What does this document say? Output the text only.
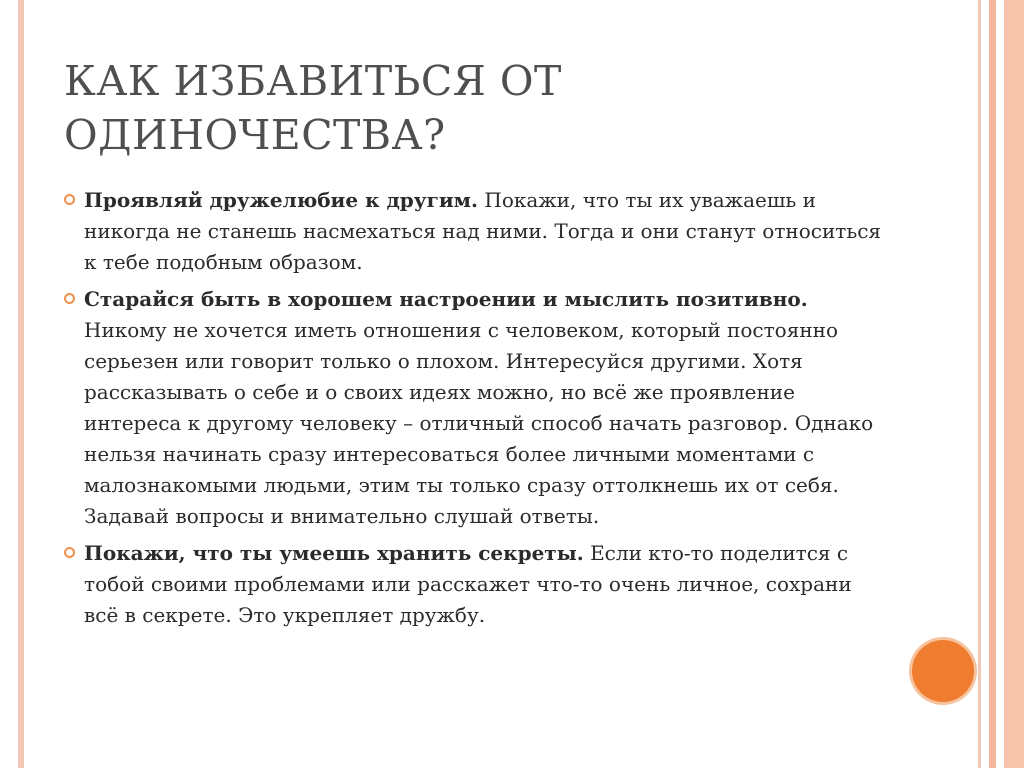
КАК ИЗБАВИТЬСЯ ОТ ОДИНОЧЕСТВА?
Проявляй дружелюбие к другим. Покажи, что ты их уважаешь и никогда не станешь насмехаться над ними. Тогда и они станут относиться к тебе подобным образом.
Старайся быть в хорошем настроении и мыслить позитивно. Никому не хочется иметь отношения с человеком, который постоянно серьезен или говорит только о плохом. Интересуйся другими. Хотя рассказывать о себе и о своих идеях можно, но всё же проявление интереса к другому человеку – отличный способ начать разговор. Однако нельзя начинать сразу интересоваться более личными моментами с малознакомыми людьми, этим ты только сразу оттолкнешь их от себя. Задавай вопросы и внимательно слушай ответы.
Покажи, что ты умеешь хранить секреты. Если кто-то поделится с тобой своими проблемами или расскажет что-то очень личное, сохрани всё в секрете. Это укрепляет дружбу.
